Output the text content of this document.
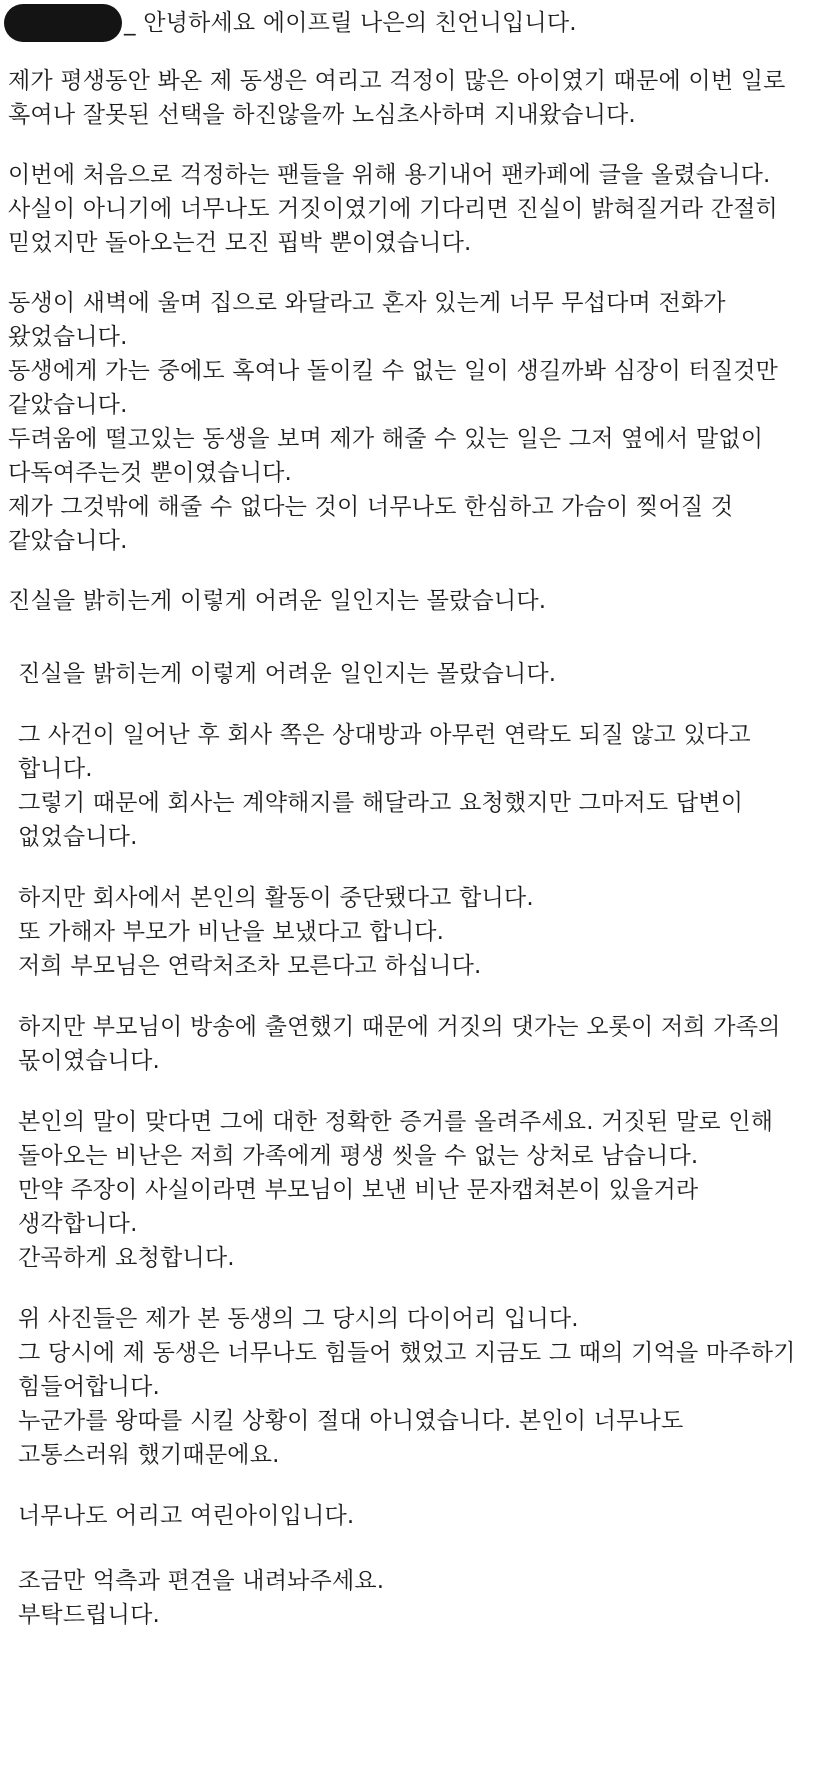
_ 안녕하세요 에이프릴 나은의 친언니입니다.
제가 평생동안 봐온 제 동생은 여리고 걱정이 많은 아이였기 때문에 이번 일로
혹여나 잘못된 선택을 하진않을까 노심초사하며 지내왔습니다.
이번에 처음으로 걱정하는 팬들을 위해 용기내어 팬카페에 글을 올렸습니다.
사실이 아니기에 너무나도 거짓이였기에 기다리면 진실이 밝혀질거라 간절히
믿었지만 돌아오는건 모진 핍박 뿐이였습니다.
동생이 새벽에 울며 집으로 와달라고 혼자 있는게 너무 무섭다며 전화가
왔었습니다.
동생에게 가는 중에도 혹여나 돌이킬 수 없는 일이 생길까봐 심장이 터질것만
같았습니다.
두려움에 떨고있는 동생을 보며 제가 해줄 수 있는 일은 그저 옆에서 말없이
다독여주는것 뿐이였습니다.
제가 그것밖에 해줄 수 없다는 것이 너무나도 한심하고 가슴이 찢어질 것
같았습니다.
진실을 밝히는게 이렇게 어려운 일인지는 몰랐습니다.
진실을 밝히는게 이렇게 어려운 일인지는 몰랐습니다.
그 사건이 일어난 후 회사 쪽은 상대방과 아무런 연락도 되질 않고 있다고
합니다.
그렇기 때문에 회사는 계약해지를 해달라고 요청했지만 그마저도 답변이
없었습니다.
하지만 회사에서 본인의 활동이 중단됐다고 합니다.
또 가해자 부모가 비난을 보냈다고 합니다.
저희 부모님은 연락처조차 모른다고 하십니다.
하지만 부모님이 방송에 출연했기 때문에 거짓의 댓가는 오롯이 저희 가족의
몫이였습니다.
본인의 말이 맞다면 그에 대한 정확한 증거를 올려주세요. 거짓된 말로 인해
돌아오는 비난은 저희 가족에게 평생 씻을 수 없는 상처로 남습니다.
만약 주장이 사실이라면 부모님이 보낸 비난 문자캡쳐본이 있을거라
생각합니다.
간곡하게 요청합니다.
위 사진들은 제가 본 동생의 그 당시의 다이어리 입니다.
그 당시에 제 동생은 너무나도 힘들어 했었고 지금도 그 때의 기억을 마주하기
힘들어합니다.
누군가를 왕따를 시킬 상황이 절대 아니였습니다. 본인이 너무나도
고통스러워 했기때문에요.
너무나도 어리고 여린아이입니다.
조금만 억측과 편견을 내려놔주세요.
부탁드립니다.
